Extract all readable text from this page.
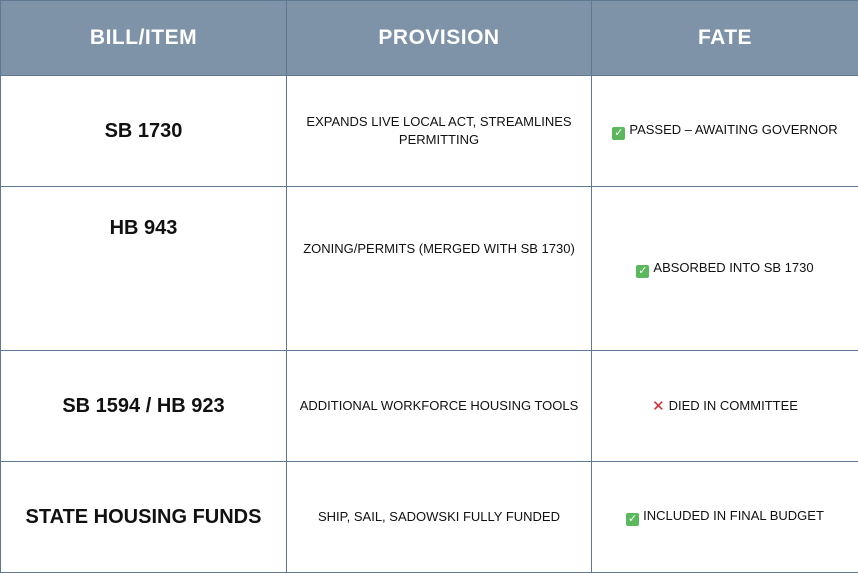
BILL/ITEM	PROVISION	FATE
SB 1730	EXPANDS LIVE LOCAL ACT, STREAMLINES PERMITTING	✓ PASSED – AWAITING GOVERNOR
HB 943	ZONING/PERMITS (MERGED WITH SB 1730)	✓ ABSORBED INTO SB 1730
SB 1594 / HB 923	ADDITIONAL WORKFORCE HOUSING TOOLS	✕ DIED IN COMMITTEE
STATE HOUSING FUNDS	SHIP, SAIL, SADOWSKI FULLY FUNDED	✓ INCLUDED IN FINAL BUDGET
